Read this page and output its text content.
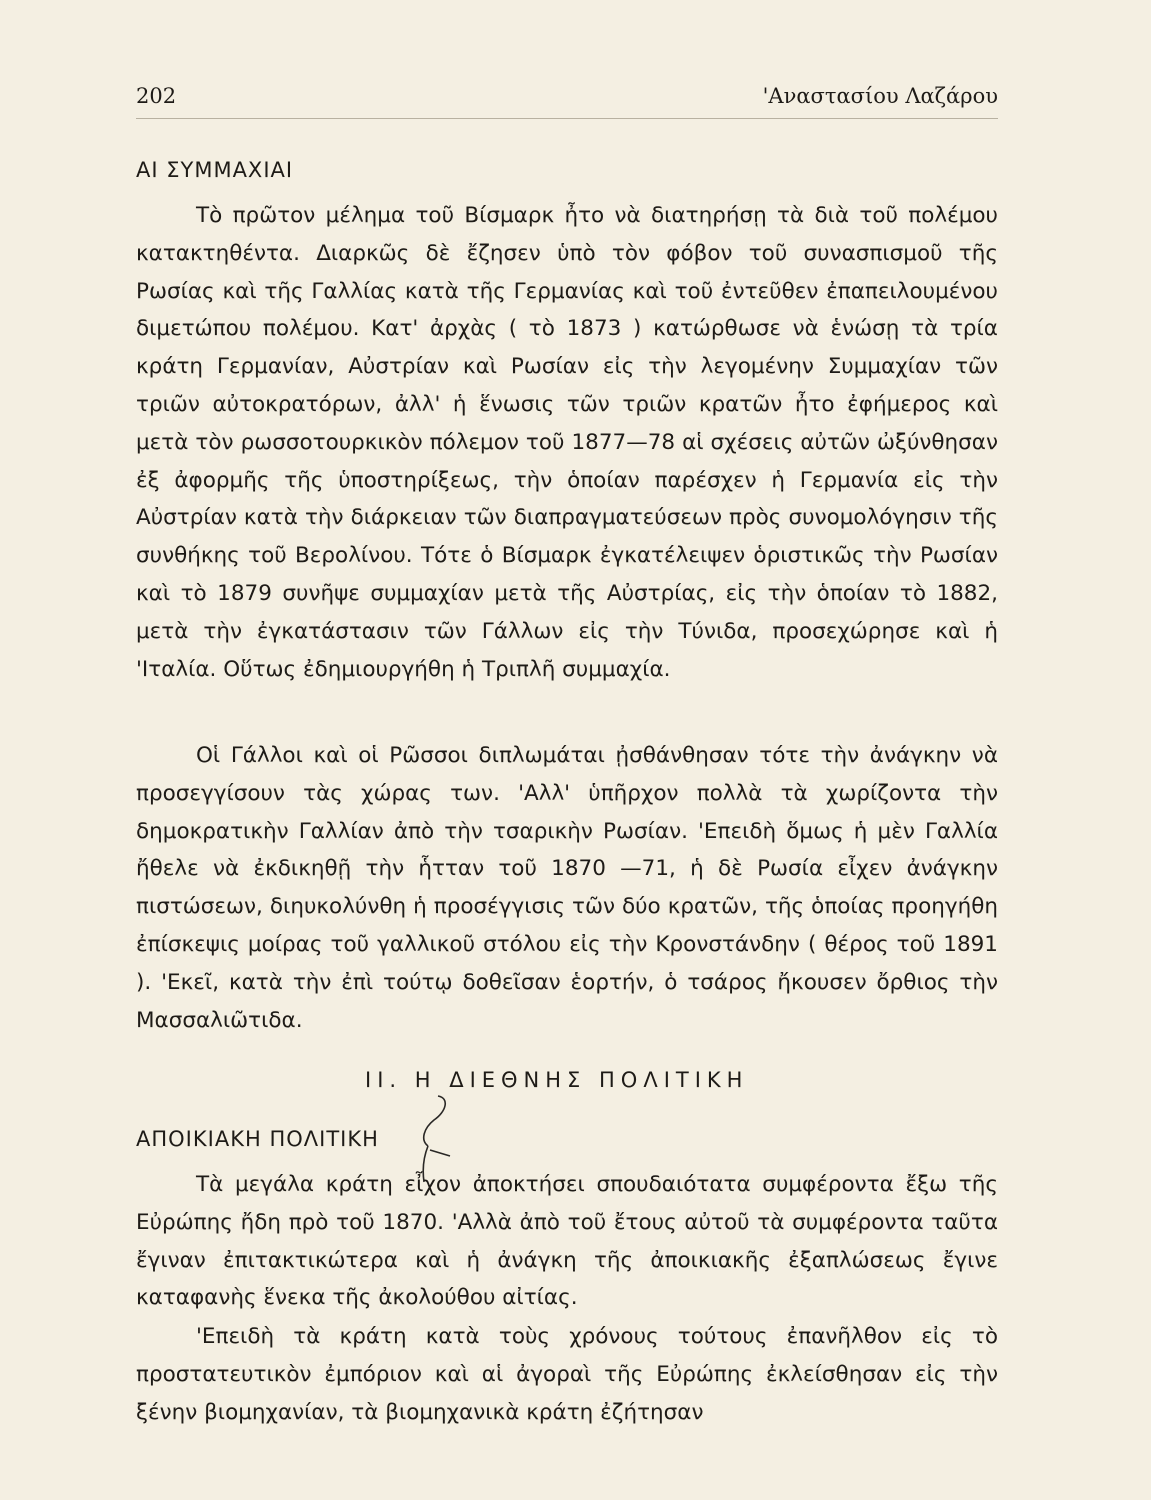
202	'Αναστασίου Λαζάρου
ΑΙ ΣΥΜΜΑΧΙΑΙ

Τὸ πρῶτον μέλημα τοῦ Βίσμαρκ ἦτο νὰ διατηρήσῃ τὰ διὰ τοῦ πολέμου κατακτηθέντα. Διαρκῶς δὲ ἔζησεν ὑπὸ τὸν φόβον τοῦ συνασπισμοῦ τῆς Ρωσίας καὶ τῆς Γαλλίας κατὰ τῆς Γερμανίας καὶ τοῦ ἐντεῦθεν ἐπαπειλουμένου διμετώπου πολέμου. Κατ' ἀρχὰς ( τὸ 1873 ) κατώρθωσε νὰ ἑνώσῃ τὰ τρία κράτη Γερμανίαν, Αὐστρίαν καὶ Ρωσίαν εἰς τὴν λεγομένην Συμμαχίαν τῶν τριῶν αὐτοκρατόρων, ἀλλ' ἡ ἕνωσις τῶν τριῶν κρατῶν ἦτο ἐφήμερος καὶ μετὰ τὸν ρωσσοτουρκικὸν πόλεμον τοῦ 1877—78 αἱ σχέσεις αὐτῶν ὠξύνθησαν ἐξ ἀφορμῆς τῆς ὑποστηρίξεως, τὴν ὁποίαν παρέσχεν ἡ Γερμανία εἰς τὴν Αὐστρίαν κατὰ τὴν διάρκειαν τῶν διαπραγματεύσεων πρὸς συνομολόγησιν τῆς συνθήκης τοῦ Βερολίνου. Τότε ὁ Βίσμαρκ ἐγκατέλειψεν ὁριστικῶς τὴν Ρωσίαν καὶ τὸ 1879 συνῆψε συμμαχίαν μετὰ τῆς Αὐστρίας, εἰς τὴν ὁποίαν τὸ 1882, μετὰ τὴν ἐγκατάστασιν τῶν Γάλλων εἰς τὴν Τύνιδα, προσεχώρησε καὶ ἡ 'Ιταλία. Οὕτως ἐδημιουργήθη ἡ Τριπλῆ συμμαχία.

Οἱ Γάλλοι καὶ οἱ Ρῶσσοι διπλωμάται ᾐσθάνθησαν τότε τὴν ἀνάγκην νὰ προσεγγίσουν τὰς χώρας των. 'Αλλ' ὑπῆρχον πολλὰ τὰ χωρίζοντα τὴν δημοκρατικὴν Γαλλίαν ἀπὸ τὴν τσαρικὴν Ρωσίαν. 'Επειδὴ ὅμως ἡ μὲν Γαλλία ἤθελε νὰ ἐκδικηθῇ τὴν ἧτταν τοῦ 1870 —71, ἡ δὲ Ρωσία εἶχεν ἀνάγκην πιστώσεων, διηυκολύνθη ἡ προσέγγισις τῶν δύο κρατῶν, τῆς ὁποίας προηγήθη ἐπίσκεψις μοίρας τοῦ γαλλικοῦ στόλου εἰς τὴν Κρονστάνδην ( θέρος τοῦ 1891 ). 'Εκεῖ, κατὰ τὴν ἐπὶ τούτῳ δοθεῖσαν ἑορτήν, ὁ τσάρος ἤκουσεν ὄρθιος τὴν Μασσαλιῶτιδα.

ΙΙ. Η ΔΙΕΘΝΗΣ ΠΟΛΙΤΙΚΗ
ΑΠΟΙΚΙΑΚΗ ΠΟΛΙΤΙΚΗ

Τὰ μεγάλα κράτη εἶχον ἀποκτήσει σπουδαιότατα συμφέροντα ἔξω τῆς Εὐρώπης ἤδη πρὸ τοῦ 1870. 'Αλλὰ ἀπὸ τοῦ ἔτους αὐτοῦ τὰ συμφέροντα ταῦτα ἔγιναν ἐπιτακτικώτερα καὶ ἡ ἀνάγκη τῆς ἀποικιακῆς ἐξαπλώσεως ἔγινε καταφανὴς ἕνεκα τῆς ἀκολούθου αἰτίας.

'Επειδὴ τὰ κράτη κατὰ τοὺς χρόνους τούτους ἐπανῆλθον εἰς τὸ προστατευτικὸν ἐμπόριον καὶ αἱ ἀγοραὶ τῆς Εὐρώπης ἐκλείσθησαν εἰς τὴν ξένην βιομηχανίαν, τὰ βιομηχανικὰ κράτη ἐζήτησαν
